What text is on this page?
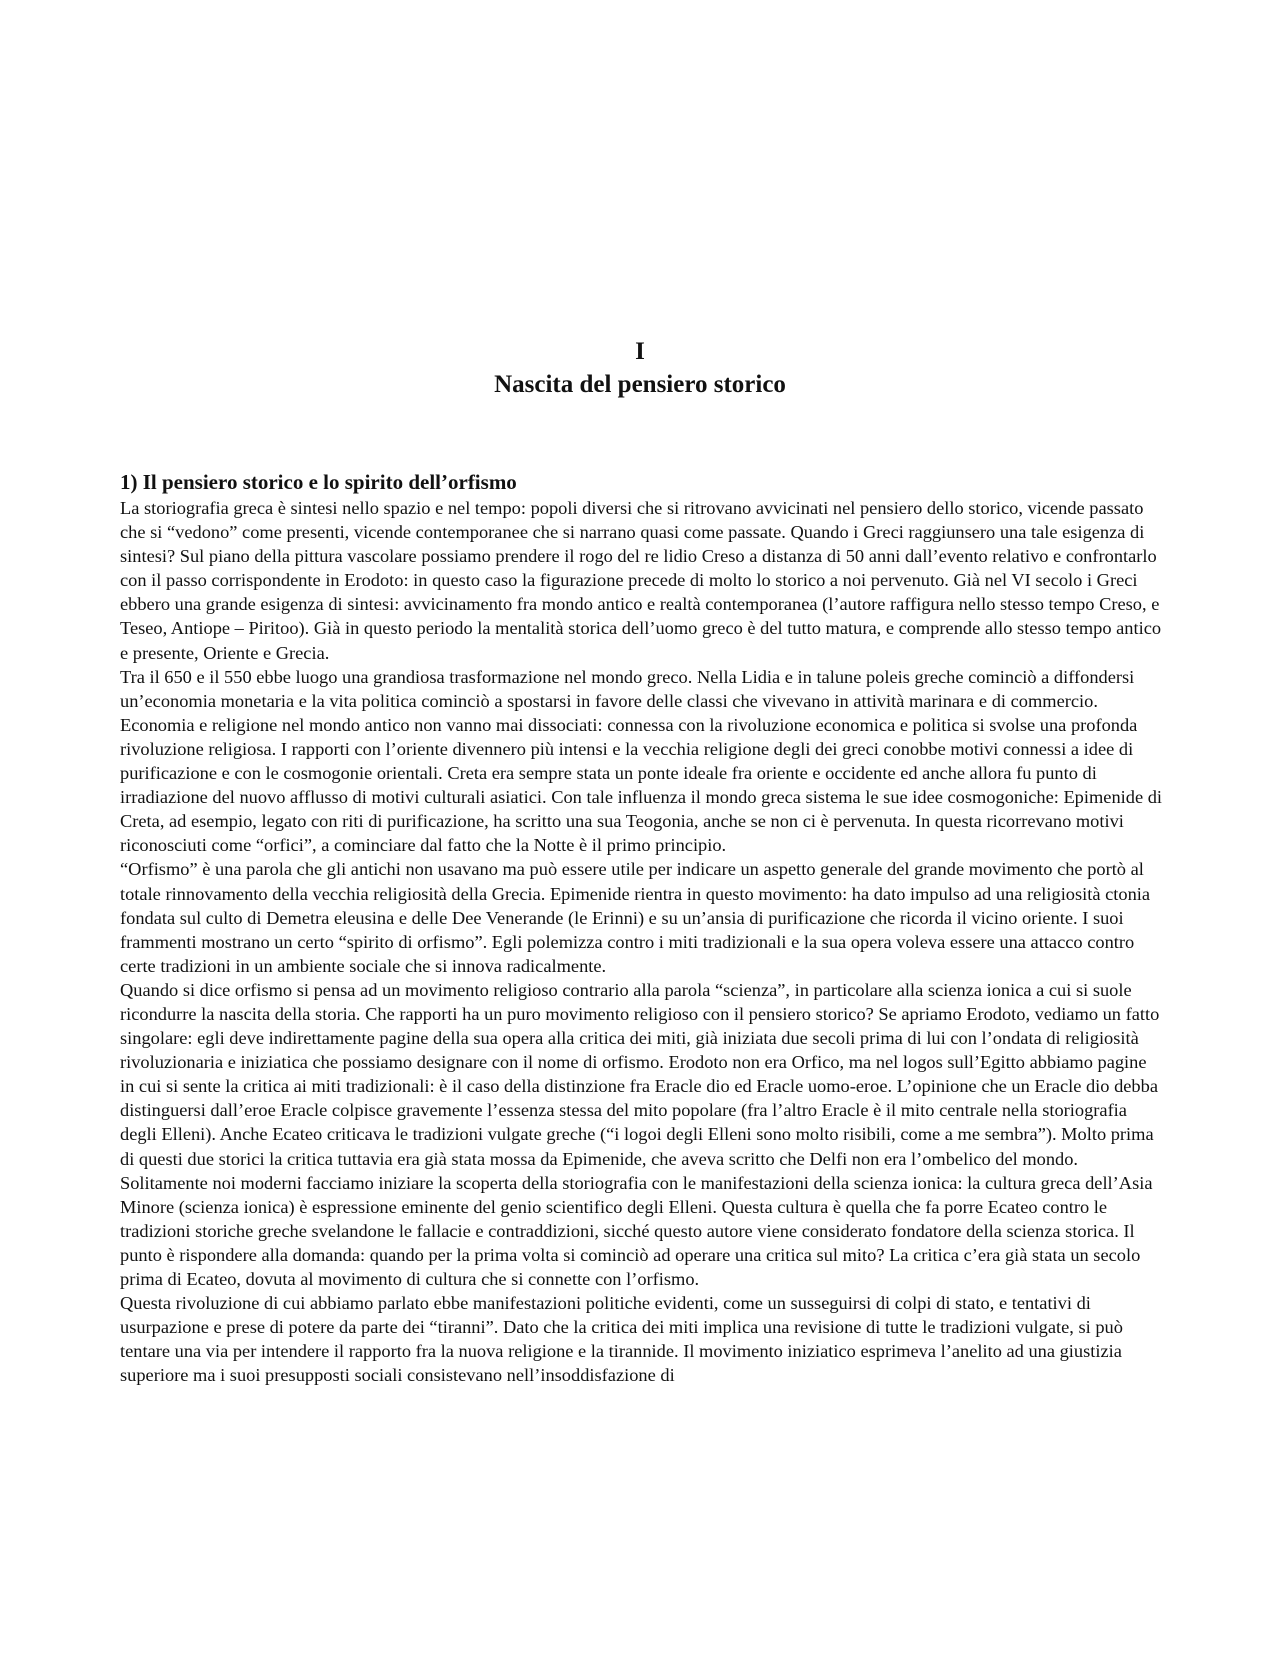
I
Nascita del pensiero storico
1) Il pensiero storico e lo spirito dell’orfismo

La storiografia greca è sintesi nello spazio e nel tempo: popoli diversi che si ritrovano avvicinati nel pensiero dello storico, vicende passato che si “vedono” come presenti, vicende contemporanee che si narrano quasi come passate. Quando i Greci raggiunsero una tale esigenza di sintesi? Sul piano della pittura vascolare possiamo prendere il rogo del re lidio Creso a distanza di 50 anni dall’evento relativo e confrontarlo con il passo corrispondente in Erodoto: in questo caso la figurazione precede di molto lo storico a noi pervenuto. Già nel VI secolo i Greci ebbero una grande esigenza di sintesi: avvicinamento fra mondo antico e realtà contemporanea (l’autore raffigura nello stesso tempo Creso, e Teseo, Antiope – Piritoo). Già in questo periodo la mentalità storica dell’uomo greco è del tutto matura, e comprende allo stesso tempo antico e presente, Oriente e Grecia.

Tra il 650 e il 550 ebbe luogo una grandiosa trasformazione nel mondo greco. Nella Lidia e in talune poleis greche cominciò a diffondersi un’economia monetaria e la vita politica cominciò a spostarsi in favore delle classi che vivevano in attività marinara e di commercio. Economia e religione nel mondo antico non vanno mai dissociati: connessa con la rivoluzione economica e politica si svolse una profonda rivoluzione religiosa. I rapporti con l’oriente divennero più intensi e la vecchia religione degli dei greci conobbe motivi connessi a idee di purificazione e con le cosmogonie orientali. Creta era sempre stata un ponte ideale fra oriente e occidente ed anche allora fu punto di irradiazione del nuovo afflusso di motivi culturali asiatici. Con tale influenza il mondo greca sistema le sue idee cosmogoniche: Epimenide di Creta, ad esempio, legato con riti di purificazione, ha scritto una sua Teogonia, anche se non ci è pervenuta. In questa ricorrevano motivi riconosciuti come “orfici”, a cominciare dal fatto che la Notte è il primo principio.

“Orfismo” è una parola che gli antichi non usavano ma può essere utile per indicare un aspetto generale del grande movimento che portò al totale rinnovamento della vecchia religiosità della Grecia. Epimenide rientra in questo movimento: ha dato impulso ad una religiosità ctonia fondata sul culto di Demetra eleusina e delle Dee Venerande (le Erinni) e su un’ansia di purificazione che ricorda il vicino oriente. I suoi frammenti mostrano un certo “spirito di orfismo”. Egli polemizza contro i miti tradizionali e la sua opera voleva essere una attacco contro certe tradizioni in un ambiente sociale che si innova radicalmente.

Quando si dice orfismo si pensa ad un movimento religioso contrario alla parola “scienza”, in particolare alla scienza ionica a cui si suole ricondurre la nascita della storia. Che rapporti ha un puro movimento religioso con il pensiero storico? Se apriamo Erodoto, vediamo un fatto singolare: egli deve indirettamente pagine della sua opera alla critica dei miti, già iniziata due secoli prima di lui con l’ondata di religiosità rivoluzionaria e iniziatica che possiamo designare con il nome di orfismo. Erodoto non era Orfico, ma nel logos sull’Egitto abbiamo pagine in cui si sente la critica ai miti tradizionali: è il caso della distinzione fra Eracle dio ed Eracle uomo-eroe. L’opinione che un Eracle dio debba distinguersi dall’eroe Eracle colpisce gravemente l’essenza stessa del mito popolare (fra l’altro Eracle è il mito centrale nella storiografia degli Elleni). Anche Ecateo criticava le tradizioni vulgate greche (“i logoi degli Elleni sono molto risibili, come a me sembra”). Molto prima di questi due storici la critica tuttavia era già stata mossa da Epimenide, che aveva scritto che Delfi non era l’ombelico del mondo.

Solitamente noi moderni facciamo iniziare la scoperta della storiografia con le manifestazioni della scienza ionica: la cultura greca dell’Asia Minore (scienza ionica) è espressione eminente del genio scientifico degli Elleni. Questa cultura è quella che fa porre Ecateo contro le tradizioni storiche greche svelandone le fallacie e contraddizioni, sicché questo autore viene considerato fondatore della scienza storica. Il punto è rispondere alla domanda: quando per la prima volta si cominciò ad operare una critica sul mito? La critica c’era già stata un secolo prima di Ecateo, dovuta al movimento di cultura che si connette con l’orfismo.

Questa rivoluzione di cui abbiamo parlato ebbe manifestazioni politiche evidenti, come un susseguirsi di colpi di stato, e tentativi di usurpazione e prese di potere da parte dei “tiranni”. Dato che la critica dei miti implica una revisione di tutte le tradizioni vulgate, si può tentare una via per intendere il rapporto fra la nuova religione e la tirannide. Il movimento iniziatico esprimeva l’anelito ad una giustizia superiore ma i suoi presupposti sociali consistevano nell’insoddisfazione di
